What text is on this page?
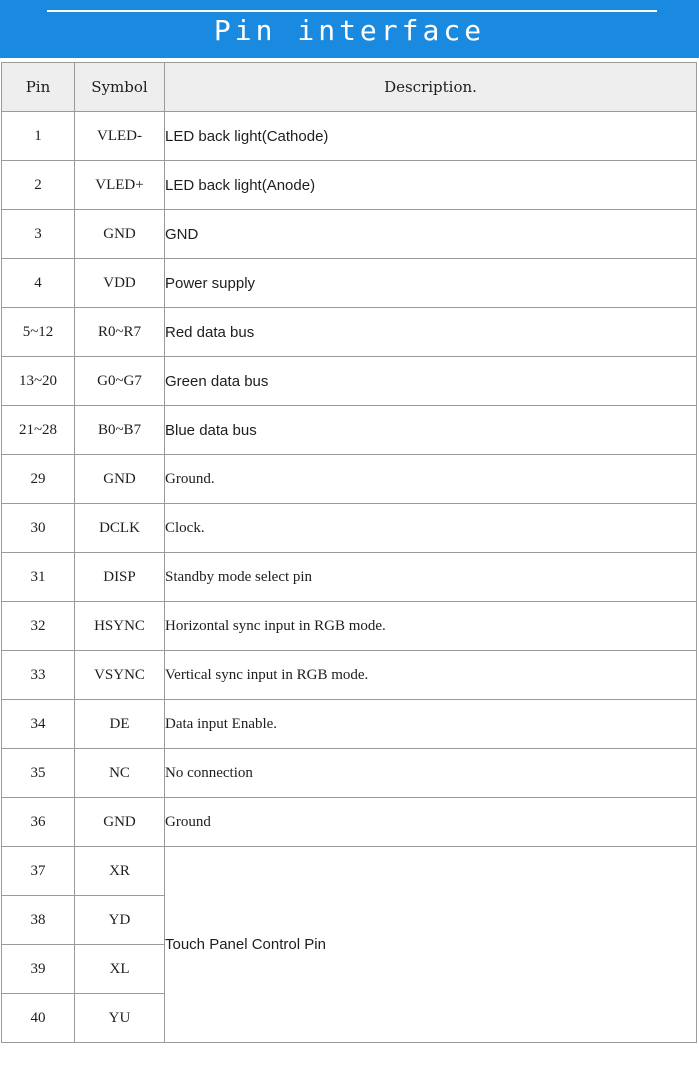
Pin interface
Pin	Symbol	Description.
1	VLED-	LED back light(Cathode)
2	VLED+	LED back light(Anode)
3	GND	GND
4	VDD	Power supply
5~12	R0~R7	Red data bus
13~20	G0~G7	Green data bus
21~28	B0~B7	Blue data bus
29	GND	Ground.
30	DCLK	Clock.
31	DISP	Standby mode select pin
32	HSYNC	Horizontal sync input in RGB mode.
33	VSYNC	Vertical sync input in RGB mode.
34	DE	Data input Enable.
35	NC	No connection
36	GND	Ground
37	XR	Touch Panel Control Pin
38	YD	
39	XL	
40	YU	
